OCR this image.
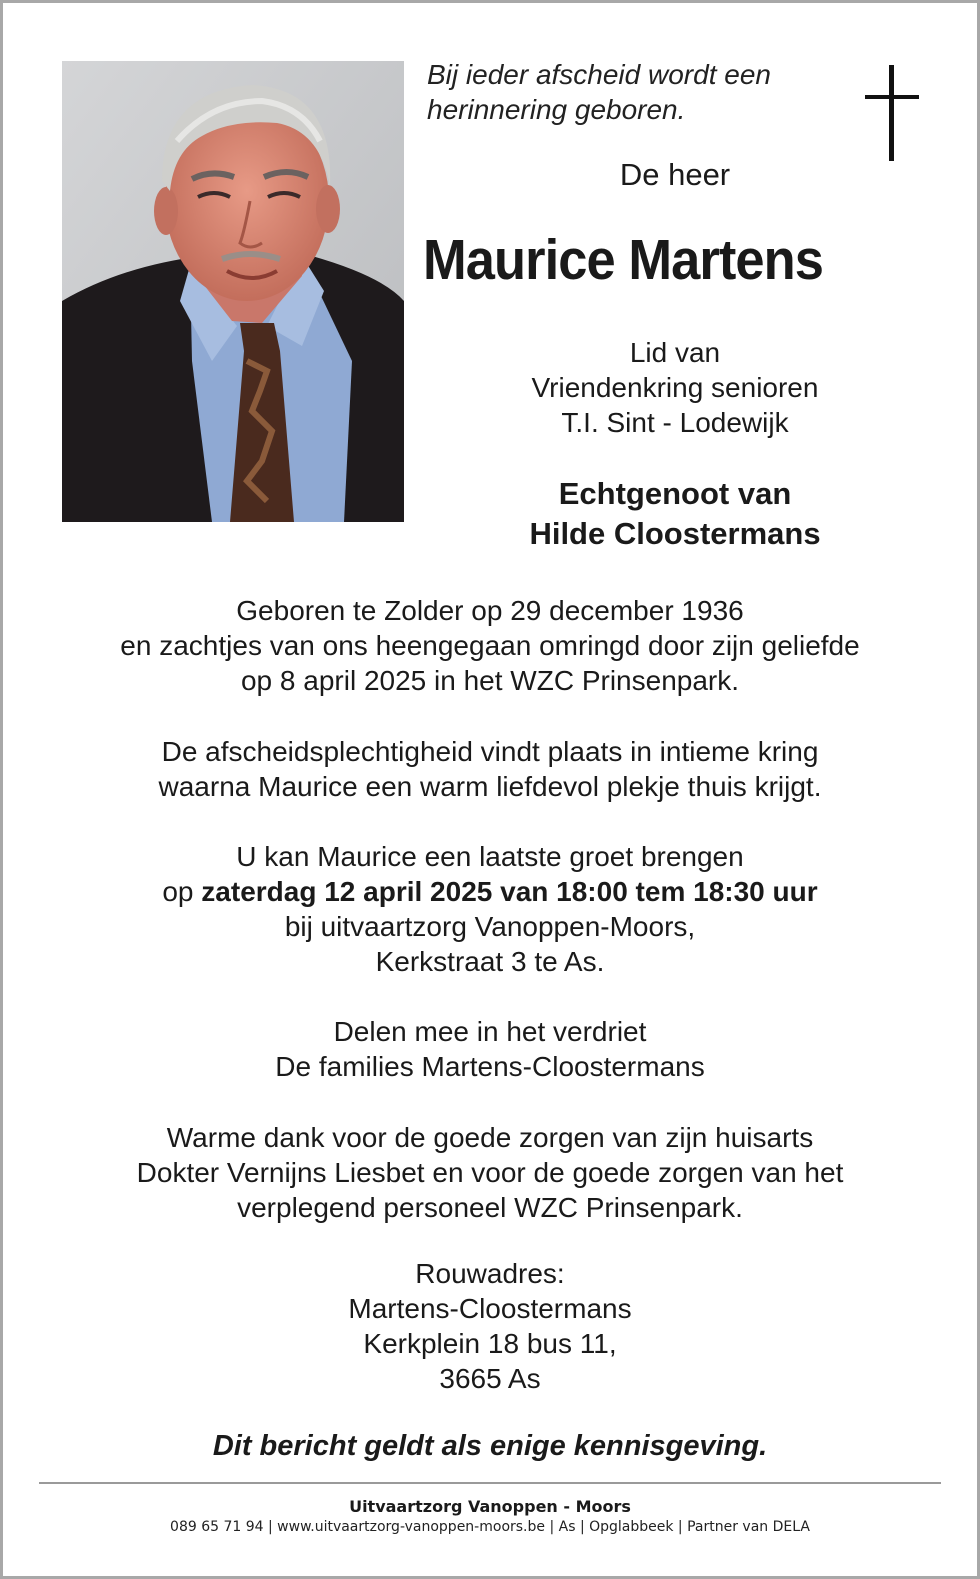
Bij ieder afscheid wordt een
herinnering geboren.
De heer
Maurice Martens
Lid van
Vriendenkring senioren
T.I. Sint - Lodewijk
Echtgenoot van
Hilde Cloostermans
Geboren te Zolder op 29 december 1936
en zachtjes van ons heengegaan omringd door zijn geliefde
op 8 april 2025 in het WZC Prinsenpark.
De afscheidsplechtigheid vindt plaats in intieme kring
waarna Maurice een warm liefdevol plekje thuis krijgt.
U kan Maurice een laatste groet brengen
op zaterdag 12 april 2025 van 18:00 tem 18:30 uur
bij uitvaartzorg Vanoppen-Moors,
Kerkstraat 3 te As.
Delen mee in het verdriet
De families Martens-Cloostermans
Warme dank voor de goede zorgen van zijn huisarts
Dokter Vernijns Liesbet en voor de goede zorgen van het
verplegend personeel WZC Prinsenpark.
Rouwadres:
Martens-Cloostermans
Kerkplein 18 bus 11,
3665 As
Dit bericht geldt als enige kennisgeving.
Uitvaartzorg Vanoppen - Moors
089 65 71 94 | www.uitvaartzorg-vanoppen-moors.be | As | Opglabbeek | Partner van DELA
